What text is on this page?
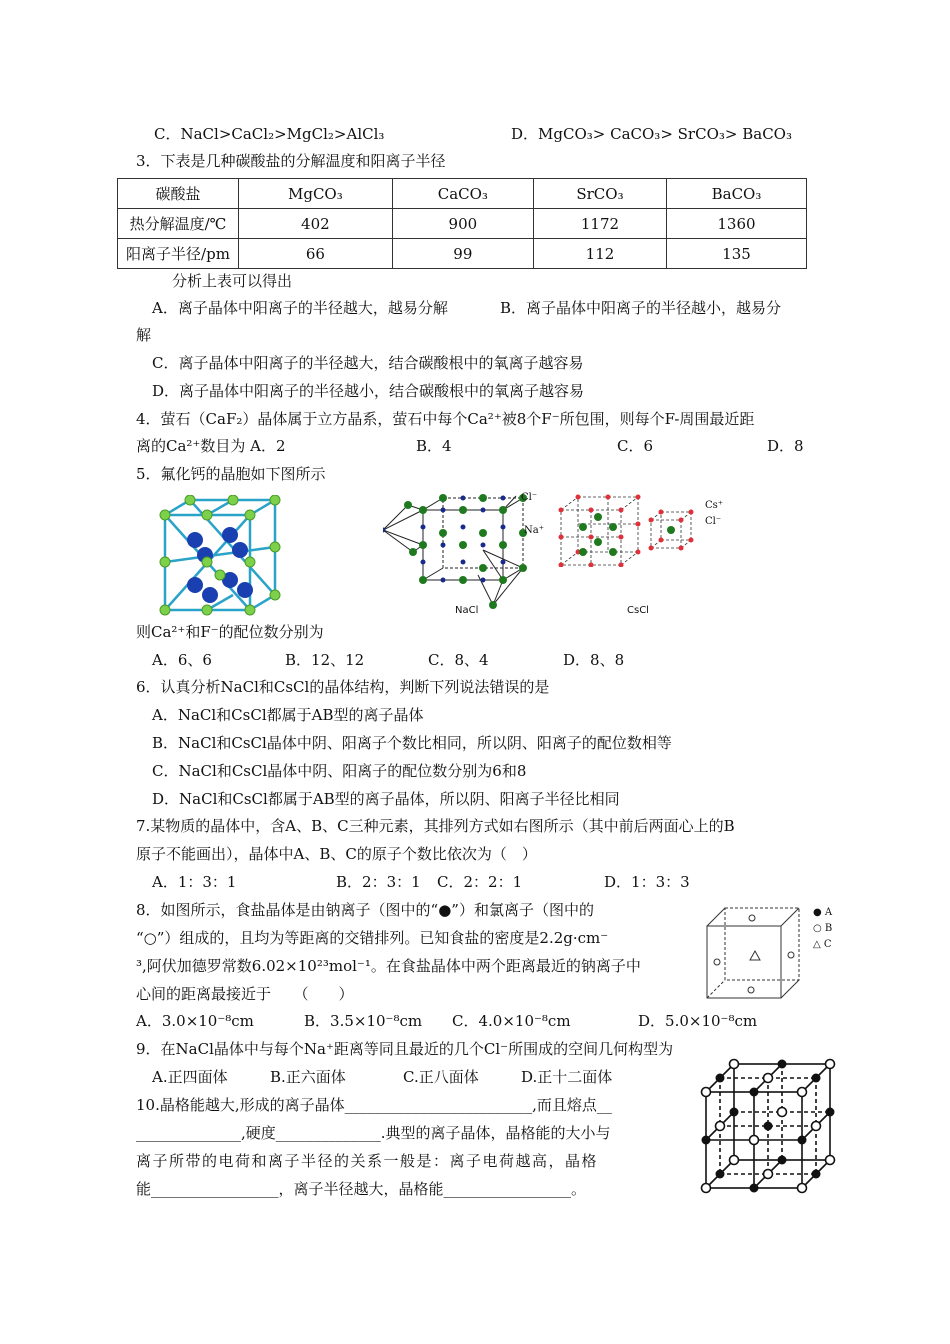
C．NaCl>CaCl₂>MgCl₂>AlCl₃	D．MgCO₃> CaCO₃> SrCO₃> BaCO₃
3．下表是几种碳酸盐的分解温度和阳离子半径
碳酸盐	MgCO₃	CaCO₃	SrCO₃	BaCO₃
热分解温度/℃	402	900	1172	1360
阳离子半径/pm	66	99	112	135
分析上表可以得出
A．离子晶体中阳离子的半径越大，越易分解	B．离子晶体中阳离子的半径越小，越易分
解
C．离子晶体中阳离子的半径越大，结合碳酸根中的氧离子越容易
D．离子晶体中阳离子的半径越小，结合碳酸根中的氧离子越容易
4．萤石（CaF₂）晶体属于立方晶系，萤石中每个Ca²⁺被8个F⁻所包围，则每个F-周围最近距
离的Ca²⁺数目为 A．2	B．4	C．6	D．8
5．氟化钙的晶胞如下图所示
Cl⁻
Na⁺
NaCl
Cs⁺
Cl⁻
CsCl
则Ca²⁺和F⁻的配位数分别为
A．6、6	B．12、12	C．8、4	D．8、8
6．认真分析NaCl和CsCl的晶体结构，判断下列说法错误的是
A．NaCl和CsCl都属于AB型的离子晶体
B．NaCl和CsCl晶体中阴、阳离子个数比相同，所以阴、阳离子的配位数相等
C．NaCl和CsCl晶体中阴、阳离子的配位数分别为6和8
D．NaCl和CsCl都属于AB型的离子晶体，所以阴、阳离子半径比相同
7.某物质的晶体中，含A、B、C三种元素，其排列方式如右图所示（其中前后两面心上的B
原子不能画出），晶体中A、B、C的原子个数比依次为（　）
A．1：3：1	B．2：3：1 C．2：2：1	D．1：3：3
● A
○ B
△ C
8．如图所示，食盐晶体是由钠离子（图中的“●”）和氯离子（图中的
“○”）组成的，且均为等距离的交错排列。已知食盐的密度是2.2g·cm⁻
³,阿伏加德罗常数6.02×10²³mol⁻¹。在食盐晶体中两个距离最近的钠离子中
心间的距离最接近于　　（　　）
A．3.0×10⁻⁸cm	B．3.5×10⁻⁸cm C．4.0×10⁻⁸cm	D．5.0×10⁻⁸cm
9．在NaCl晶体中与每个Na⁺距离等同且最近的几个Cl⁻所围成的空间几何构型为
A.正四面体	B.正六面体	C.正八面体	D.正十二面体
10.晶格能越大,形成的离子晶体_________________________,而且熔点__
______________,硬度______________.典型的离子晶体，晶格能的大小与
离子所带的电荷和离子半径的关系一般是：离子电荷越高，晶格
能_________________，离子半径越大，晶格能_________________。
